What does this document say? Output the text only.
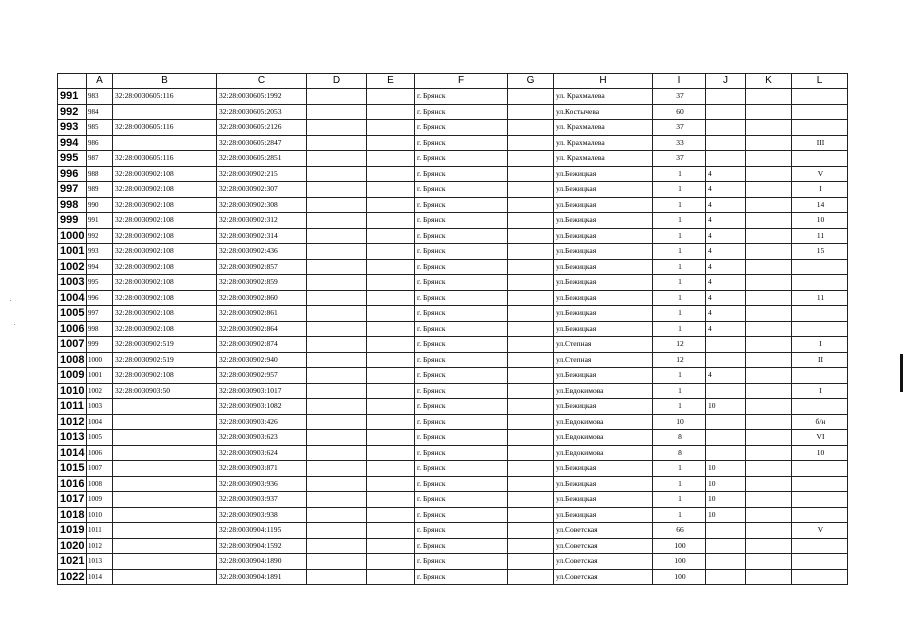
	A	B	C	D	E	F	G	H	I	J	K	L
991	983	32:28:0030605:116	32:28:0030605:1992			г. Брянск		ул. Крахмалева	37			
992	984		32:28:0030605:2053			г. Брянск		ул.Костычева	60			
993	985	32:28:0030605:116	32:28:0030605:2126			г. Брянск		ул. Крахмалева	37			
994	986		32:28:0030605:2847			г. Брянск		ул. Крахмалева	33			III
995	987	32:28:0030605:116	32:28:0030605:2851			г. Брянск		ул. Крахмалева	37			
996	988	32:28:0030902:108	32:28:0030902:215			г. Брянск		ул.Бежицкая	1	4		V
997	989	32:28:0030902:108	32:28:0030902:307			г. Брянск		ул.Бежицкая	1	4		I
998	990	32:28:0030902:108	32:28:0030902:308			г. Брянск		ул.Бежицкая	1	4		14
999	991	32:28:0030902:108	32:28:0030902:312			г. Брянск		ул.Бежицкая	1	4		10
1000	992	32:28:0030902:108	32:28:0030902:314			г. Брянск		ул.Бежицкая	1	4		11
1001	993	32:28:0030902:108	32:28:0030902:436			г. Брянск		ул.Бежицкая	1	4		15
1002	994	32:28:0030902:108	32:28:0030902:857			г. Брянск		ул.Бежицкая	1	4		
1003	995	32:28:0030902:108	32:28:0030902:859			г. Брянск		ул.Бежицкая	1	4		
1004	996	32:28:0030902:108	32:28:0030902:860			г. Брянск		ул.Бежицкая	1	4		11
1005	997	32:28:0030902:108	32:28:0030902:861			г. Брянск		ул.Бежицкая	1	4		
1006	998	32:28:0030902:108	32:28:0030902:864			г. Брянск		ул.Бежицкая	1	4		
1007	999	32:28:0030902:519	32:28:0030902:874			г. Брянск		ул.Степная	12			I
1008	1000	32:28:0030902:519	32:28:0030902:940			г. Брянск		ул.Степная	12			II
1009	1001	32:28:0030902:108	32:28:0030902:957			г. Брянск		ул.Бежицкая	1	4		
1010	1002	32:28:0030903:50	32:28:0030903:1017			г. Брянск		ул.Евдокимова	1			I
1011	1003		32:28:0030903:1082			г. Брянск		ул.Бежицкая	1	10		
1012	1004		32:28:0030903:426			г. Брянск		ул.Евдокимова	10			б/н
1013	1005		32:28:0030903:623			г. Брянск		ул.Евдокимова	8			VI
1014	1006		32:28:0030903:624			г. Брянск		ул.Евдокимова	8			10
1015	1007		32:28:0030903:871			г. Брянск		ул.Бежицкая	1	10		
1016	1008		32:28:0030903:936			г. Брянск		ул.Бежицкая	1	10		
1017	1009		32:28:0030903:937			г. Брянск		ул.Бежицкая	1	10		
1018	1010		32:28:0030903:938			г. Брянск		ул.Бежицкая	1	10		
1019	1011		32:28:0030904:1195			г. Брянск		ул.Советская	66			V
1020	1012		32:28:0030904:1592			г. Брянск		ул.Советская	100			
1021	1013		32:28:0030904:1890			г. Брянск		ул.Советская	100			
1022	1014		32:28:0030904:1891			г. Брянск		ул.Советская	100			
